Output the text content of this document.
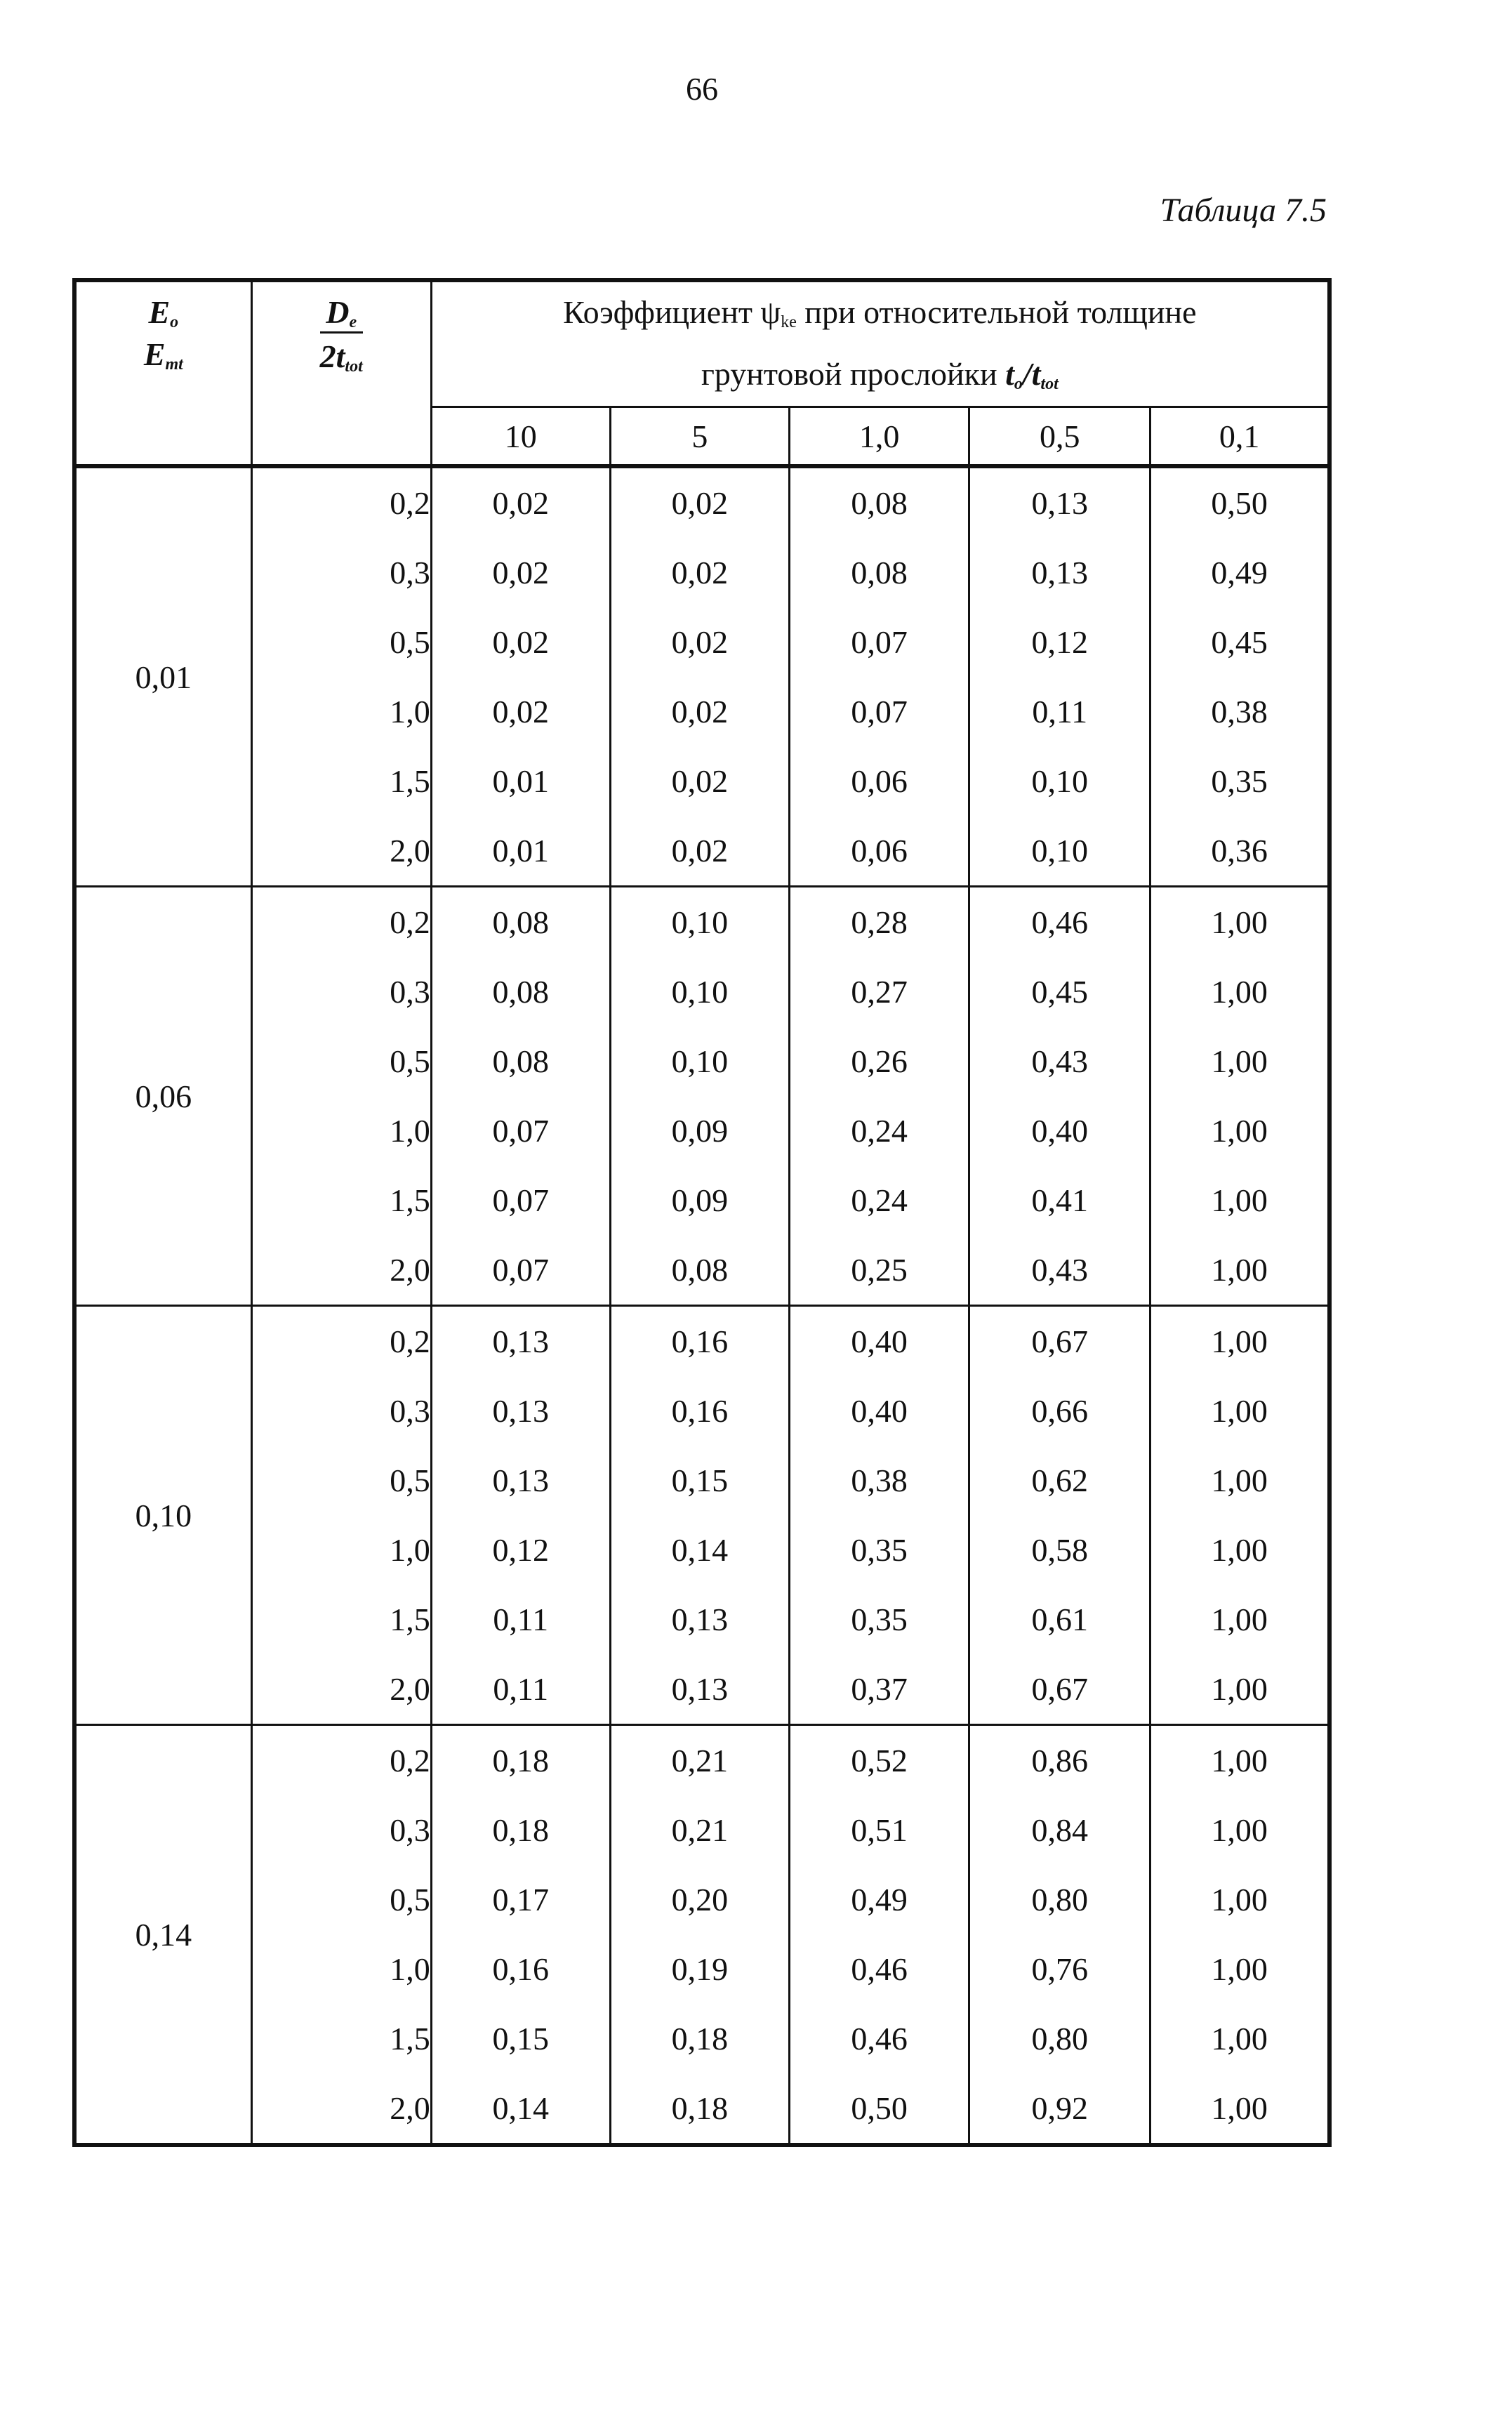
66
Таблица 7.5
$E_o$
$E_{mt}$	$\frac{D_e}{2t_{tot}}$	Коэффициент $\psi_{ke}$ при относительной толщине				
		грунтовой прослойки $t_o/t_{tot}$
		10	5	1,0	0,5	0,1
0,01	0,2	0,02	0,02	0,08	0,13	0,50
	0,3	0,02	0,02	0,08	0,13	0,49
	0,5	0,02	0,02	0,07	0,12	0,45
	1,0	0,02	0,02	0,07	0,11	0,38
	1,5	0,01	0,02	0,06	0,10	0,35
	2,0	0,01	0,02	0,06	0,10	0,36
0,06	0,2	0,08	0,10	0,28	0,46	1,00
	0,3	0,08	0,10	0,27	0,45	1,00
	0,5	0,08	0,10	0,26	0,43	1,00
	1,0	0,07	0,09	0,24	0,40	1,00
	1,5	0,07	0,09	0,24	0,41	1,00
	2,0	0,07	0,08	0,25	0,43	1,00
0,10	0,2	0,13	0,16	0,40	0,67	1,00
	0,3	0,13	0,16	0,40	0,66	1,00
	0,5	0,13	0,15	0,38	0,62	1,00
	1,0	0,12	0,14	0,35	0,58	1,00
	1,5	0,11	0,13	0,35	0,61	1,00
	2,0	0,11	0,13	0,37	0,67	1,00
0,14	0,2	0,18	0,21	0,52	0,86	1,00
	0,3	0,18	0,21	0,51	0,84	1,00
	0,5	0,17	0,20	0,49	0,80	1,00
	1,0	0,16	0,19	0,46	0,76	1,00
	1,5	0,15	0,18	0,46	0,80	1,00
	2,0	0,14	0,18	0,50	0,92	1,00
